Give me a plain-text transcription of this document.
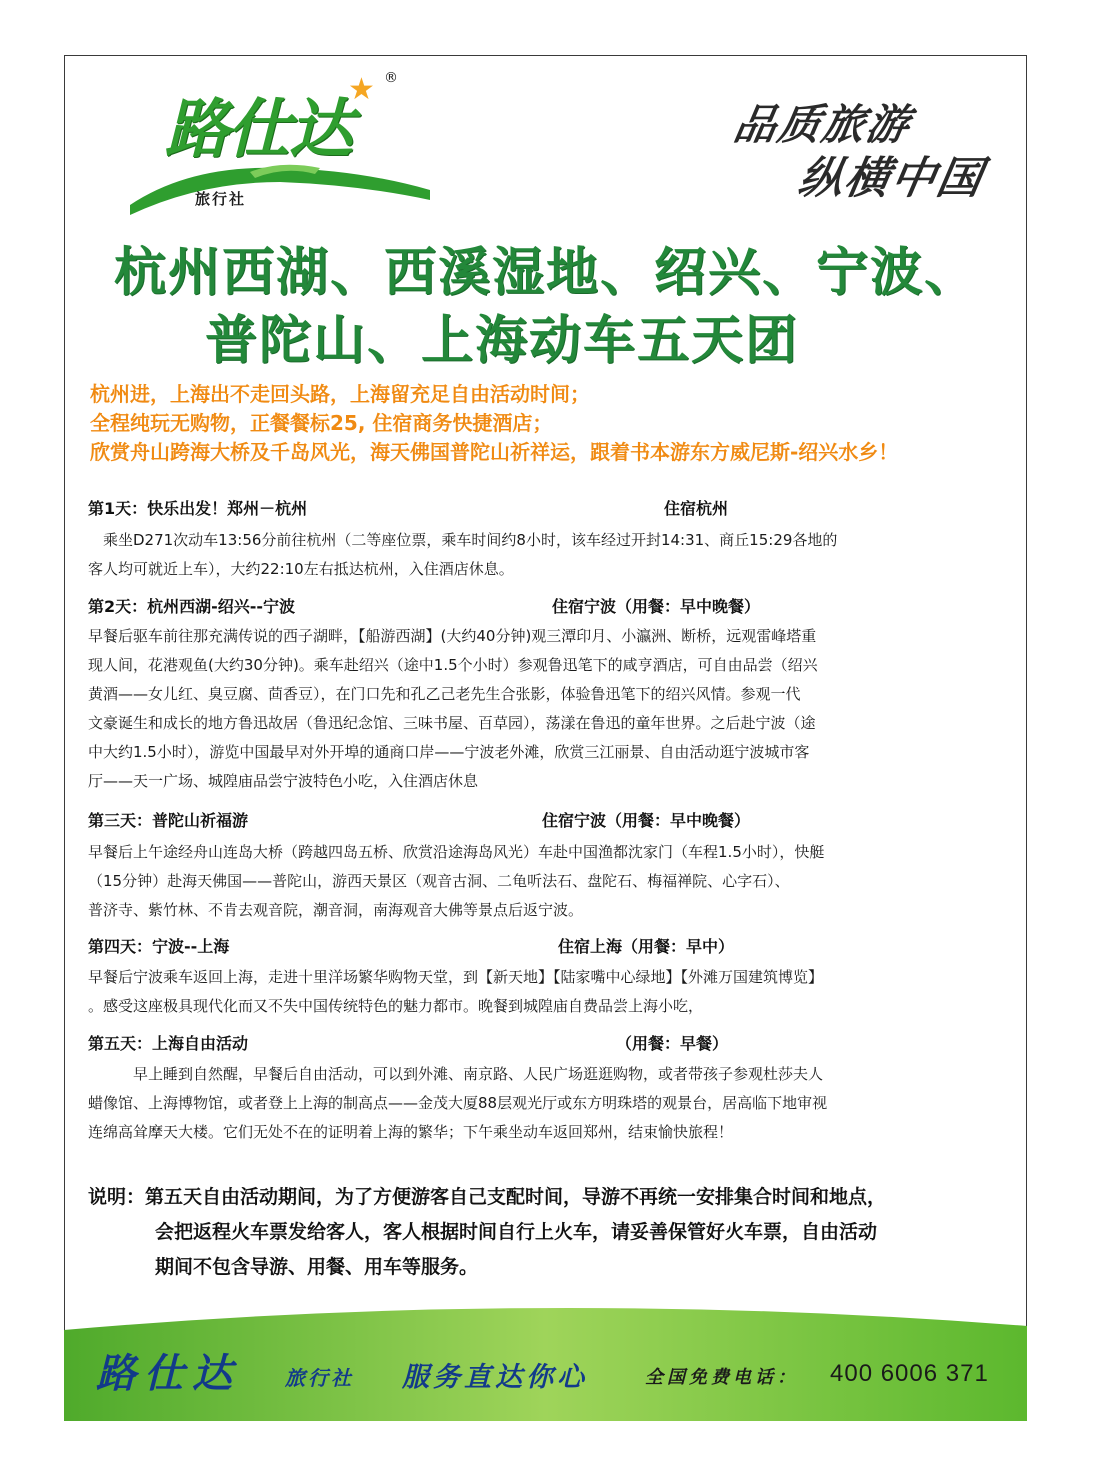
路仕达
★ ®
旅行社
品质旅游
纵横中国
杭州西湖、西溪湿地、绍兴、宁波、
普陀山、上海动车五天团
杭州进，上海出不走回头路，上海留充足自由活动时间；
全程纯玩无购物，正餐餐标25, 住宿商务快捷酒店；
欣赏舟山跨海大桥及千岛风光，海天佛国普陀山祈祥运，跟着书本游东方威尼斯-绍兴水乡！
第1天：快乐出发！郑州－杭州	住宿杭州
　乘坐D271次动车13:56分前往杭州（二等座位票，乘车时间约8小时，该车经过开封14:31、商丘15:29各地的
客人均可就近上车），大约22:10左右抵达杭州，入住酒店休息。
第2天：杭州西湖-绍兴--宁波	住宿宁波（用餐：早中晚餐）
早餐后驱车前往那充满传说的西子湖畔，【船游西湖】(大约40分钟)观三潭印月、小瀛洲、断桥，远观雷峰塔重
现人间，花港观鱼(大约30分钟)。乘车赴绍兴（途中1.5个小时）参观鲁迅笔下的咸亨酒店，可自由品尝（绍兴
黄酒——女儿红、臭豆腐、茴香豆），在门口先和孔乙己老先生合张影，体验鲁迅笔下的绍兴风情。参观一代
文豪诞生和成长的地方鲁迅故居（鲁迅纪念馆、三味书屋、百草园），荡漾在鲁迅的童年世界。之后赴宁波（途
中大约1.5小时），游览中国最早对外开埠的通商口岸——宁波老外滩，欣赏三江丽景、自由活动逛宁波城市客
厅——天一广场、城隍庙品尝宁波特色小吃，入住酒店休息
第三天：普陀山祈福游	住宿宁波（用餐：早中晚餐）
早餐后上午途经舟山连岛大桥（跨越四岛五桥、欣赏沿途海岛风光）车赴中国渔都沈家门（车程1.5小时），快艇
（15分钟）赴海天佛国——普陀山，游西天景区（观音古洞、二龟听法石、盘陀石、梅福禅院、心字石）、
普济寺、紫竹林、不肯去观音院，潮音洞，南海观音大佛等景点后返宁波。
第四天：宁波--上海	住宿上海（用餐：早中）
早餐后宁波乘车返回上海，走进十里洋场繁华购物天堂，到【新天地】【陆家嘴中心绿地】【外滩万国建筑博览】
。感受这座极具现代化而又不失中国传统特色的魅力都市。晚餐到城隍庙自费品尝上海小吃，
第五天：上海自由活动	（用餐：早餐）
　　　早上睡到自然醒，早餐后自由活动，可以到外滩、南京路、人民广场逛逛购物，或者带孩子参观杜莎夫人
蜡像馆、上海博物馆，或者登上上海的制高点——金茂大厦88层观光厅或东方明珠塔的观景台，居高临下地审视
连绵高耸摩天大楼。它们无处不在的证明着上海的繁华；下午乘坐动车返回郑州，结束愉快旅程！
说明：第五天自由活动期间，为了方便游客自己支配时间，导游不再统一安排集合时间和地点，
会把返程火车票发给客人，客人根据时间自行上火车，请妥善保管好火车票，自由活动
期间不包含导游、用餐、用车等服务。
路仕达 旅行社 服务直达你心	全国免费电话： 400 6006 371
